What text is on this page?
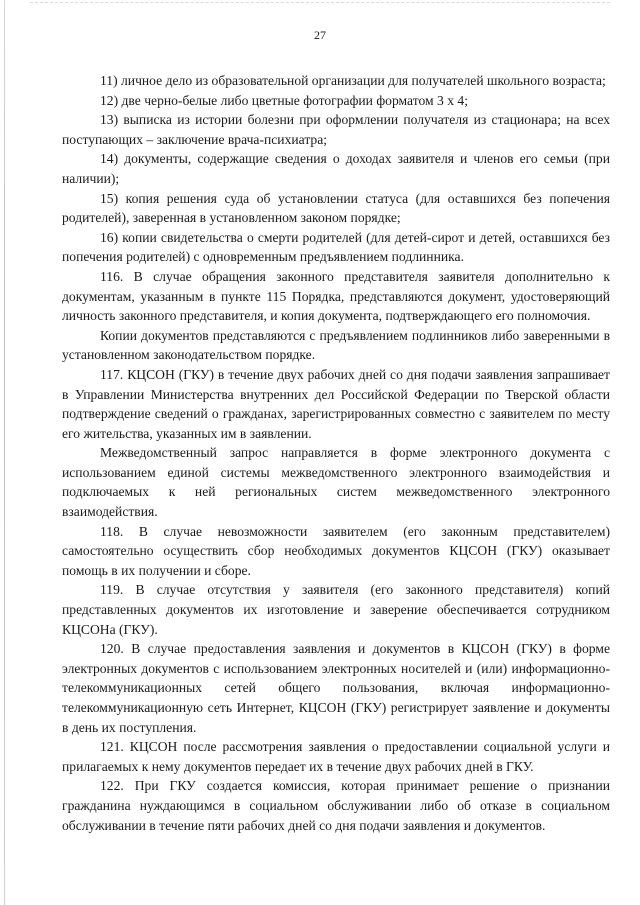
27

11) личное дело из образовательной организации для получателей школьного возраста;

12) две черно-белые либо цветные фотографии форматом 3 х 4;

13) выписка из истории болезни при оформлении получателя из стационара; на всех поступающих – заключение врача-психиатра;

14) документы, содержащие сведения о доходах заявителя и членов его семьи (при наличии);

15) копия решения суда об установлении статуса (для оставшихся без попечения родителей), заверенная в установленном законом порядке;

16) копии свидетельства о смерти родителей (для детей-сирот и детей, оставшихся без попечения родителей) с одновременным предъявлением подлинника.

116. В случае обращения законного представителя заявителя дополнительно к документам, указанным в пункте 115 Порядка, представляются документ, удостоверяющий личность законного представителя, и копия документа, подтверждающего его полномочия.

Копии документов представляются с предъявлением подлинников либо заверенными в установленном законодательством порядке.

117. КЦСОН (ГКУ) в течение двух рабочих дней со дня подачи заявления запрашивает в Управлении Министерства внутренних дел Российской Федерации по Тверской области подтверждение сведений о гражданах, зарегистрированных совместно с заявителем по месту его жительства, указанных им в заявлении.

Межведомственный запрос направляется в форме электронного документа с использованием единой системы межведомственного электронного взаимодействия и подключаемых к ней региональных систем межведомственного электронного взаимодействия.

118. В случае невозможности заявителем (его законным представителем) самостоятельно осуществить сбор необходимых документов КЦСОН (ГКУ) оказывает помощь в их получении и сборе.

119. В случае отсутствия у заявителя (его законного представителя) копий представленных документов их изготовление и заверение обеспечивается сотрудником КЦСОНа (ГКУ).

120. В случае предоставления заявления и документов в КЦСОН (ГКУ) в форме электронных документов с использованием электронных носителей и (или) информационно-телекоммуникационных сетей общего пользования, включая информационно-телекоммуникационную сеть Интернет, КЦСОН (ГКУ) регистрирует заявление и документы в день их поступления.

121. КЦСОН после рассмотрения заявления о предоставлении социальной услуги и прилагаемых к нему документов передает их в течение двух рабочих дней в ГКУ.

122. При ГКУ создается комиссия, которая принимает решение о признании гражданина нуждающимся в социальном обслуживании либо об отказе в социальном обслуживании в течение пяти рабочих дней со дня подачи заявления и документов.
